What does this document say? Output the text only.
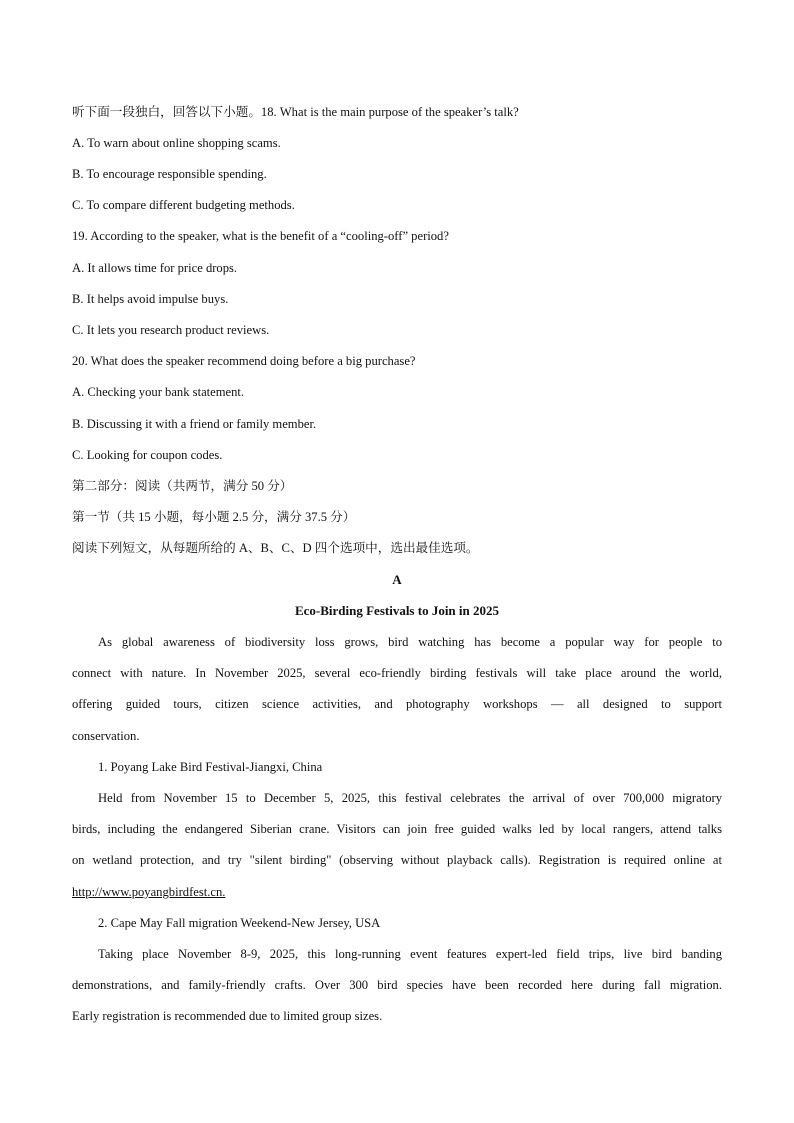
听下面一段独白，回答以下小题。18. What is the main purpose of the speaker’s talk?
A. To warn about online shopping scams.
B. To encourage responsible spending.
C. To compare different budgeting methods.
19. According to the speaker, what is the benefit of a “cooling-off” period?
A. It allows time for price drops.
B. It helps avoid impulse buys.
C. It lets you research product reviews.
20. What does the speaker recommend doing before a big purchase?
A. Checking your bank statement.
B. Discussing it with a friend or family member.
C. Looking for coupon codes.
第二部分：阅读（共两节，满分 50 分）
第一节（共 15 小题，每小题 2.5 分，满分 37.5 分）
阅读下列短文，从每题所给的 A、B、C、D 四个选项中，选出最佳选项。
A
Eco-Birding Festivals to Join in 2025
As global awareness of biodiversity loss grows, bird watching has become a popular way for people to
connect with nature. In November 2025, several eco-friendly birding festivals will take place around the world,
offering guided tours, citizen science activities, and photography workshops — all designed to support
conservation.
1. Poyang Lake Bird Festival-Jiangxi, China
Held from November 15 to December 5, 2025, this festival celebrates the arrival of over 700,000 migratory
birds, including the endangered Siberian crane. Visitors can join free guided walks led by local rangers, attend talks
on wetland protection, and try "silent birding" (observing without playback calls). Registration is required online at
http://www.poyangbirdfest.cn.
2. Cape May Fall migration Weekend-New Jersey, USA
Taking place November 8-9, 2025, this long-running event features expert-led field trips, live bird banding
demonstrations, and family-friendly crafts. Over 300 bird species have been recorded here during fall migration.
Early registration is recommended due to limited group sizes.
